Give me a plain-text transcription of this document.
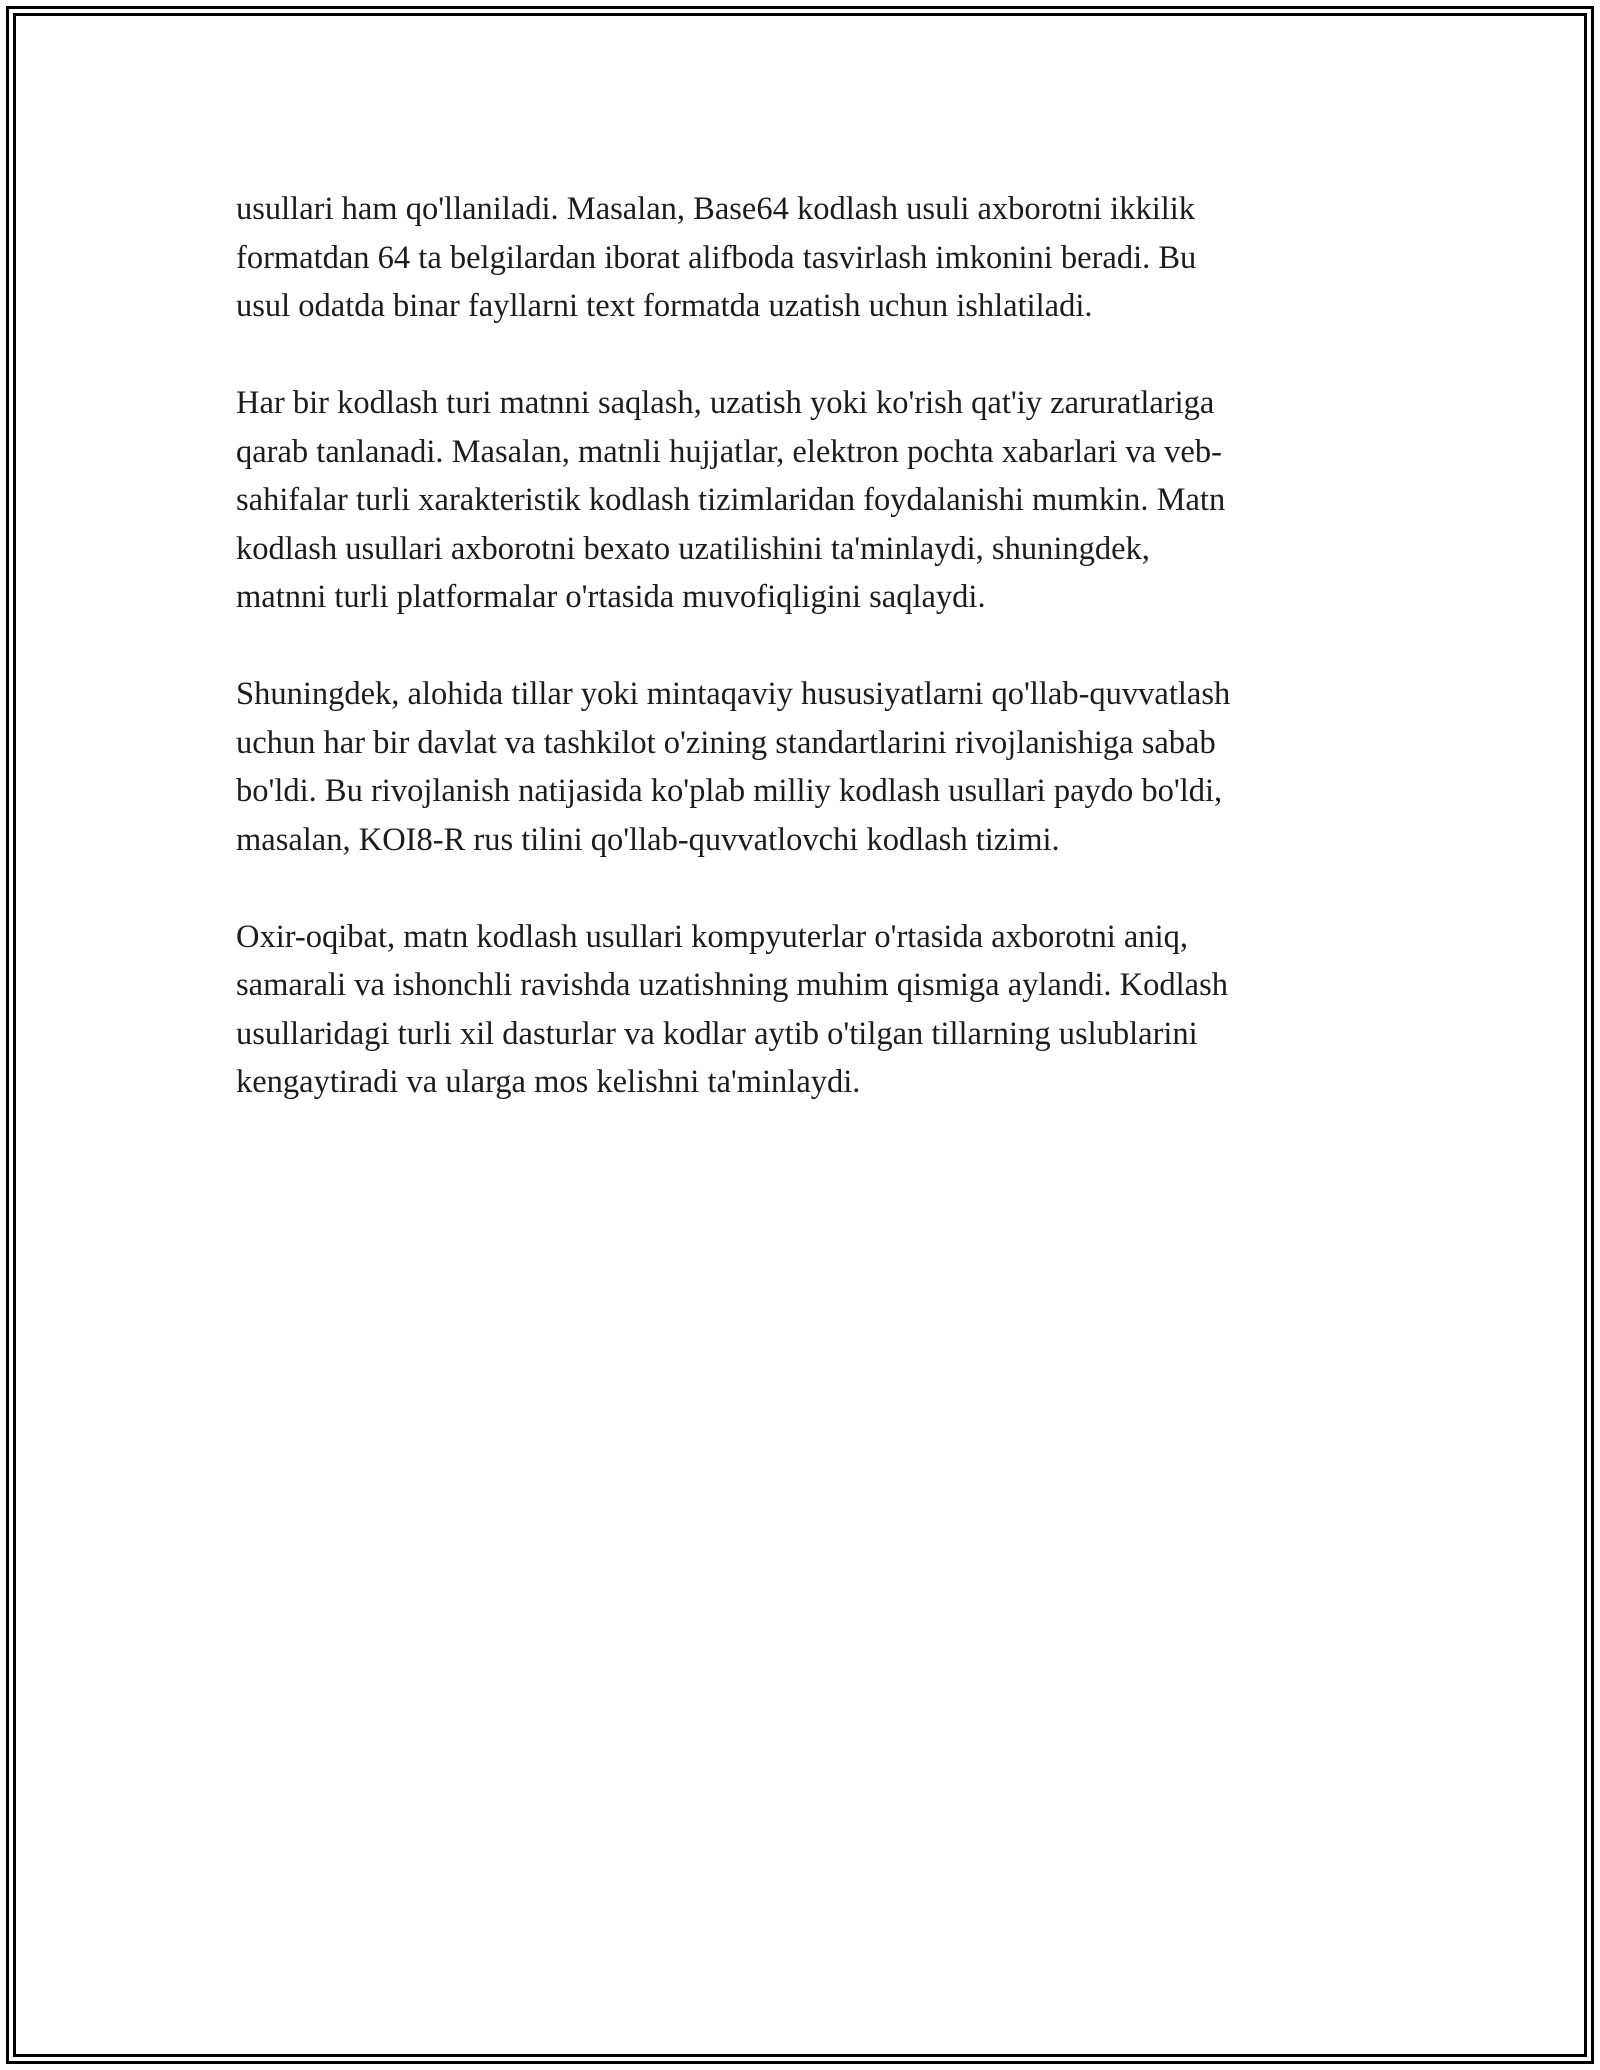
usullari ham qo'llaniladi. Masalan, Base64 kodlash usuli axborotni ikkilik
formatdan 64 ta belgilardan iborat alifboda tasvirlash imkonini beradi. Bu
usul odatda binar fayllarni text formatda uzatish uchun ishlatiladi.

Har bir kodlash turi matnni saqlash, uzatish yoki ko'rish qat'iy zaruratlariga
qarab tanlanadi. Masalan, matnli hujjatlar, elektron pochta xabarlari va veb-
sahifalar turli xarakteristik kodlash tizimlaridan foydalanishi mumkin. Matn
kodlash usullari axborotni bexato uzatilishini ta'minlaydi, shuningdek,
matnni turli platformalar o'rtasida muvofiqligini saqlaydi.

Shuningdek, alohida tillar yoki mintaqaviy hususiyatlarni qo'llab-quvvatlash
uchun har bir davlat va tashkilot o'zining standartlarini rivojlanishiga sabab
bo'ldi. Bu rivojlanish natijasida ko'plab milliy kodlash usullari paydo bo'ldi,
masalan, KOI8-R rus tilini qo'llab-quvvatlovchi kodlash tizimi.

Oxir-oqibat, matn kodlash usullari kompyuterlar o'rtasida axborotni aniq,
samarali va ishonchli ravishda uzatishning muhim qismiga aylandi. Kodlash
usullaridagi turli xil dasturlar va kodlar aytib o'tilgan tillarning uslublarini
kengaytiradi va ularga mos kelishni ta'minlaydi.
